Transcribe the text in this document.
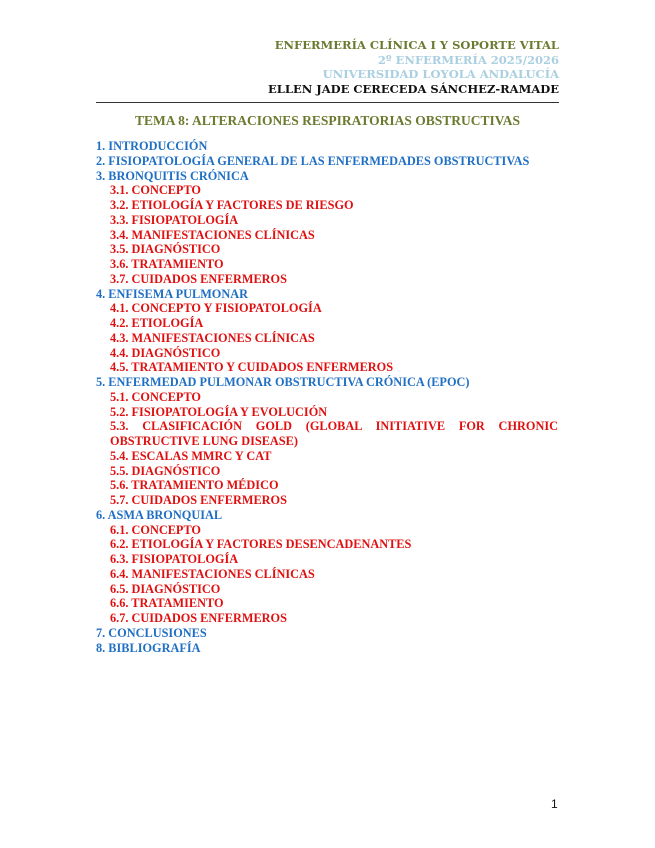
ENFERMERÍA CLÍNICA I Y SOPORTE VITAL
2º ENFERMERÍA 2025/2026
UNIVERSIDAD LOYOLA ANDALUCÍA
ELLEN JADE CERECEDA SÁNCHEZ-RAMADE
TEMA 8: ALTERACIONES RESPIRATORIAS OBSTRUCTIVAS
1. INTRODUCCIÓN
2. FISIOPATOLOGÍA GENERAL DE LAS ENFERMEDADES OBSTRUCTIVAS
3. BRONQUITIS CRÓNICA
3.1. CONCEPTO
3.2. ETIOLOGÍA Y FACTORES DE RIESGO
3.3. FISIOPATOLOGÍA
3.4. MANIFESTACIONES CLÍNICAS
3.5. DIAGNÓSTICO
3.6. TRATAMIENTO
3.7. CUIDADOS ENFERMEROS
4. ENFISEMA PULMONAR
4.1. CONCEPTO Y FISIOPATOLOGÍA
4.2. ETIOLOGÍA
4.3. MANIFESTACIONES CLÍNICAS
4.4. DIAGNÓSTICO
4.5. TRATAMIENTO Y CUIDADOS ENFERMEROS
5. ENFERMEDAD PULMONAR OBSTRUCTIVA CRÓNICA (EPOC)
5.1. CONCEPTO
5.2. FISIOPATOLOGÍA Y EVOLUCIÓN
5.3. CLASIFICACIÓN GOLD (GLOBAL INITIATIVE FOR CHRONIC OBSTRUCTIVE LUNG DISEASE)
5.4. ESCALAS MMRC Y CAT
5.5. DIAGNÓSTICO
5.6. TRATAMIENTO MÉDICO
5.7. CUIDADOS ENFERMEROS
6. ASMA BRONQUIAL
6.1. CONCEPTO
6.2. ETIOLOGÍA Y FACTORES DESENCADENANTES
6.3. FISIOPATOLOGÍA
6.4. MANIFESTACIONES CLÍNICAS
6.5. DIAGNÓSTICO
6.6. TRATAMIENTO
6.7. CUIDADOS ENFERMEROS
7. CONCLUSIONES
8. BIBLIOGRAFÍA
1
